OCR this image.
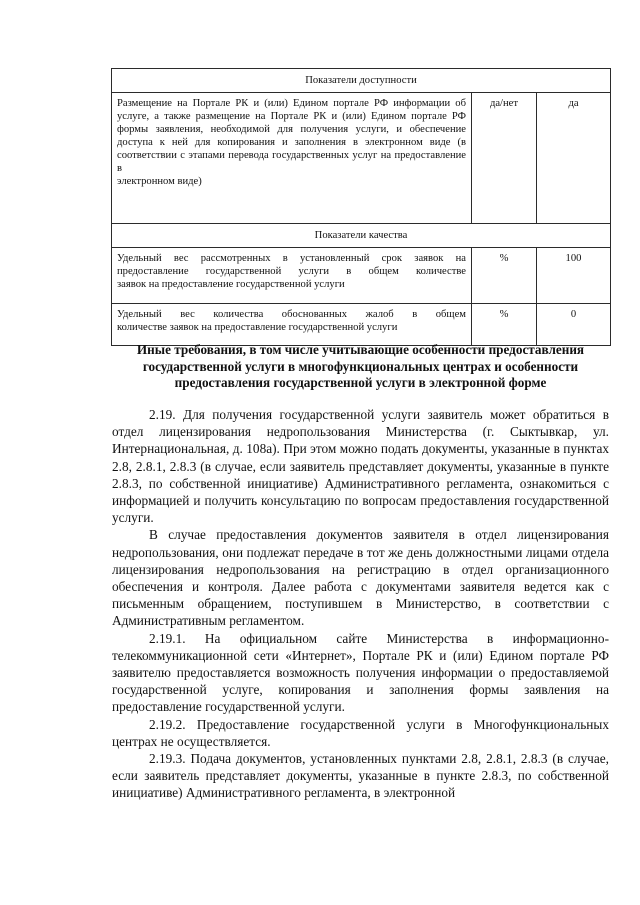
Показатели доступности		
Размещение на Портале РК и (или) Едином портале РФ информации об услуге, а также размещение на Портале РК и (или) Едином портале РФ формы заявления, необходимой для получения услуги, и обеспечение доступа к ней для копирования и заполнения в электронном виде (в соответствии с этапами перевода государственных услуг на предоставление в
электронном виде)	да/нет	да
Показатели качества		
Удельный вес рассмотренных в установленный срок заявок на предоставление государственной услуги в общем количестве
заявок на предоставление государственной услуги	%	100
Удельный вес количества обоснованных жалоб в общем
количестве заявок на предоставление государственной услуги	%	0
Иные требования, в том числе учитывающие особенности предоставления государственной услуги в многофункциональных центрах и особенности предоставления государственной услуги в электронной форме

2.19. Для получения государственной услуги заявитель может обратиться в отдел лицензирования недропользования Министерства (г. Сыктывкар, ул. Интернациональная, д. 108а). При этом можно подать документы, указанные в пунктах 2.8, 2.8.1, 2.8.3 (в случае, если заявитель представляет документы, указанные в пункте 2.8.3, по собственной инициативе) Административного регламента, ознакомиться с информацией и получить консультацию по вопросам предоставления государственной услуги.

В случае предоставления документов заявителя в отдел лицензирования недропользования, они подлежат передаче в тот же день должностными лицами отдела лицензирования недропользования на регистрацию в отдел организационного обеспечения и контроля. Далее работа с документами заявителя ведется как с письменным обращением, поступившем в Министерство, в соответствии с Административным регламентом.

2.19.1. На официальном сайте Министерства в информационно-телекоммуникационной сети «Интернет», Портале РК и (или) Едином портале РФ заявителю предоставляется возможность получения информации о предоставляемой государственной услуге, копирования и заполнения формы заявления на предоставление государственной услуги.

2.19.2. Предоставление государственной услуги в Многофункциональных центрах не осуществляется.

2.19.3. Подача документов, установленных пунктами 2.8, 2.8.1, 2.8.3 (в случае, если заявитель представляет документы, указанные в пункте 2.8.3, по собственной инициативе) Административного регламента, в электронной
